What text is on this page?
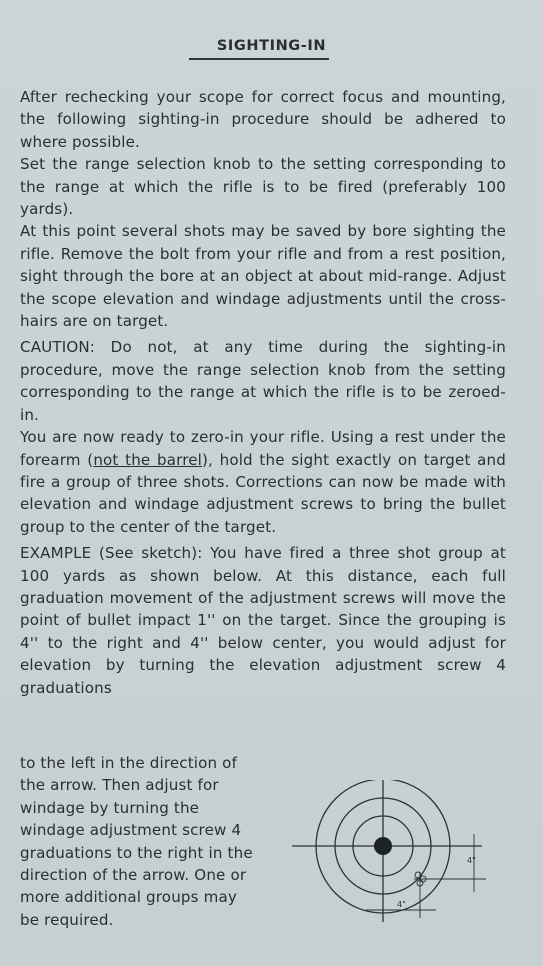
SIGHTING-IN

After rechecking your scope for correct focus and mounting, the following sighting-in procedure should be adhered to where possible.

Set the range selection knob to the setting corresponding to the range at which the rifle is to be fired (preferably 100 yards).

At this point several shots may be saved by bore sighting the rifle. Remove the bolt from your rifle and from a rest position, sight through the bore at an object at about mid-range. Adjust the scope elevation and windage adjustments until the cross-hairs are on target.

CAUTION: Do not, at any time during the sighting-in procedure, move the range selection knob from the setting corresponding to the range at which the rifle is to be zeroed-in.

You are now ready to zero-in your rifle. Using a rest under the forearm (not the barrel), hold the sight exactly on target and fire a group of three shots. Corrections can now be made with elevation and windage adjustment screws to bring the bullet group to the center of the target.

EXAMPLE (See sketch): You have fired a three shot group at 100 yards as shown below. At this distance, each full graduation movement of the adjustment screws will move the point of bullet impact 1'' on the target. Since the grouping is 4'' to the right and 4'' below center, you would adjust for elevation by turning the elevation adjustment screw 4 graduations

to the left in the direction of the arrow. Then adjust for windage by turning the windage adjustment screw 4 graduations to the right in the direction of the arrow. One or more additional groups may be required.
4"
4"
